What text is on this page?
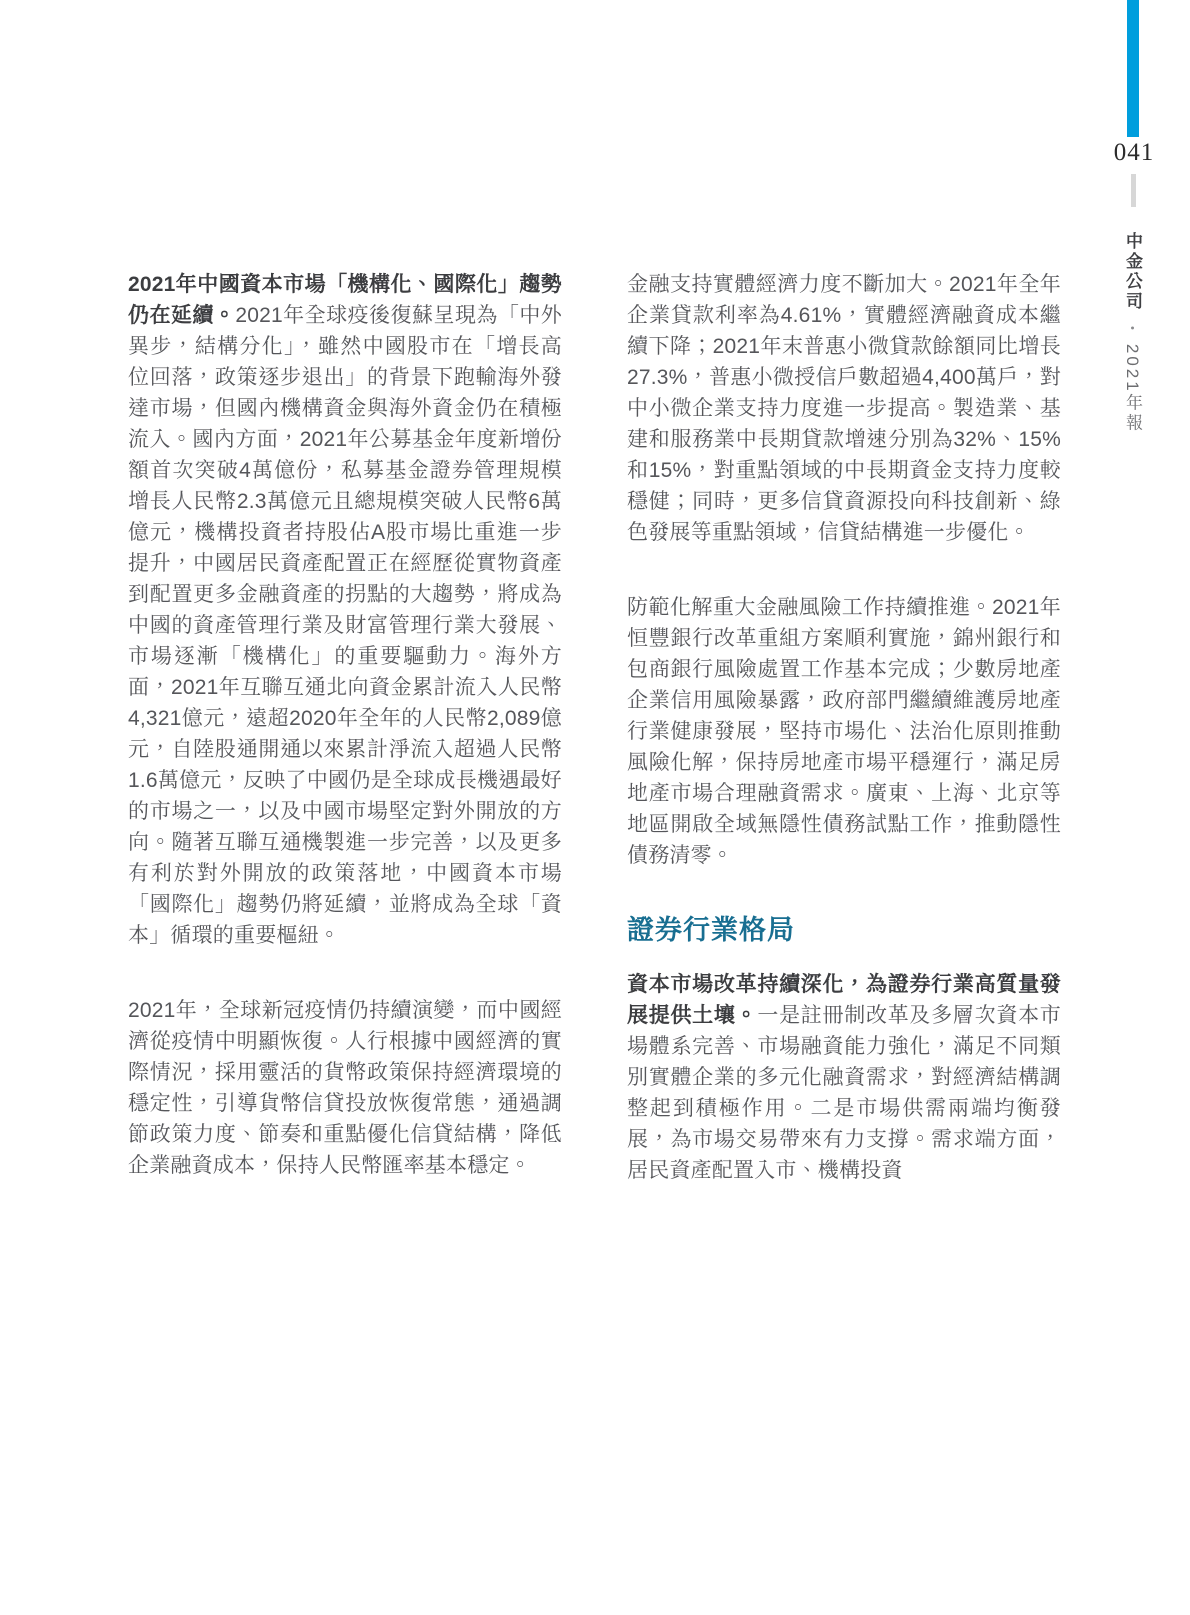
2021年中國資本市場「機構化、國際化」趨勢仍在延續。2021年全球疫後復蘇呈現為「中外異步，結構分化」，雖然中國股市在「增長高位回落，政策逐步退出」的背景下跑輸海外發達市場，但國內機構資金與海外資金仍在積極流入。國內方面，2021年公募基金年度新增份額首次突破4萬億份，私募基金證券管理規模增長人民幣2.3萬億元且總規模突破人民幣6萬億元，機構投資者持股佔A股市場比重進一步提升，中國居民資產配置正在經歷從實物資產到配置更多金融資產的拐點的大趨勢，將成為中國的資產管理行業及財富管理行業大發展、市場逐漸「機構化」的重要驅動力。海外方面，2021年互聯互通北向資金累計流入人民幣4,321億元，遠超2020年全年的人民幣2,089億元，自陸股通開通以來累計淨流入超過人民幣1.6萬億元，反映了中國仍是全球成長機遇最好的市場之一，以及中國市場堅定對外開放的方向。隨著互聯互通機製進一步完善，以及更多有利於對外開放的政策落地，中國資本市場「國際化」趨勢仍將延續，並將成為全球「資本」循環的重要樞紐。

2021年，全球新冠疫情仍持續演變，而中國經濟從疫情中明顯恢復。人行根據中國經濟的實際情況，採用靈活的貨幣政策保持經濟環境的穩定性，引導貨幣信貸投放恢復常態，通過調節政策力度、節奏和重點優化信貸結構，降低企業融資成本，保持人民幣匯率基本穩定。

金融支持實體經濟力度不斷加大。2021年全年企業貸款利率為4.61%，實體經濟融資成本繼續下降；2021年末普惠小微貸款餘額同比增長27.3%，普惠小微授信戶數超過4,400萬戶，對中小微企業支持力度進一步提高。製造業、基建和服務業中長期貸款增速分別為32%、15%和15%，對重點領域的中長期資金支持力度較穩健；同時，更多信貸資源投向科技創新、綠色發展等重點領域，信貸結構進一步優化。

防範化解重大金融風險工作持續推進。2021年恒豐銀行改革重組方案順利實施，錦州銀行和包商銀行風險處置工作基本完成；少數房地產企業信用風險暴露，政府部門繼續維護房地產行業健康發展，堅持市場化、法治化原則推動風險化解，保持房地產市場平穩運行，滿足房地產市場合理融資需求。廣東、上海、北京等地區開啟全域無隱性債務試點工作，推動隱性債務清零。

證券行業格局

資本市場改革持續深化，為證券行業高質量發展提供土壤。一是註冊制改革及多層次資本市場體系完善、市場融資能力強化，滿足不同類別實體企業的多元化融資需求，對經濟結構調整起到積極作用。二是市場供需兩端均衡發展，為市場交易帶來有力支撐。需求端方面，居民資產配置入市、機構投資

041
中金公司•2021年報
